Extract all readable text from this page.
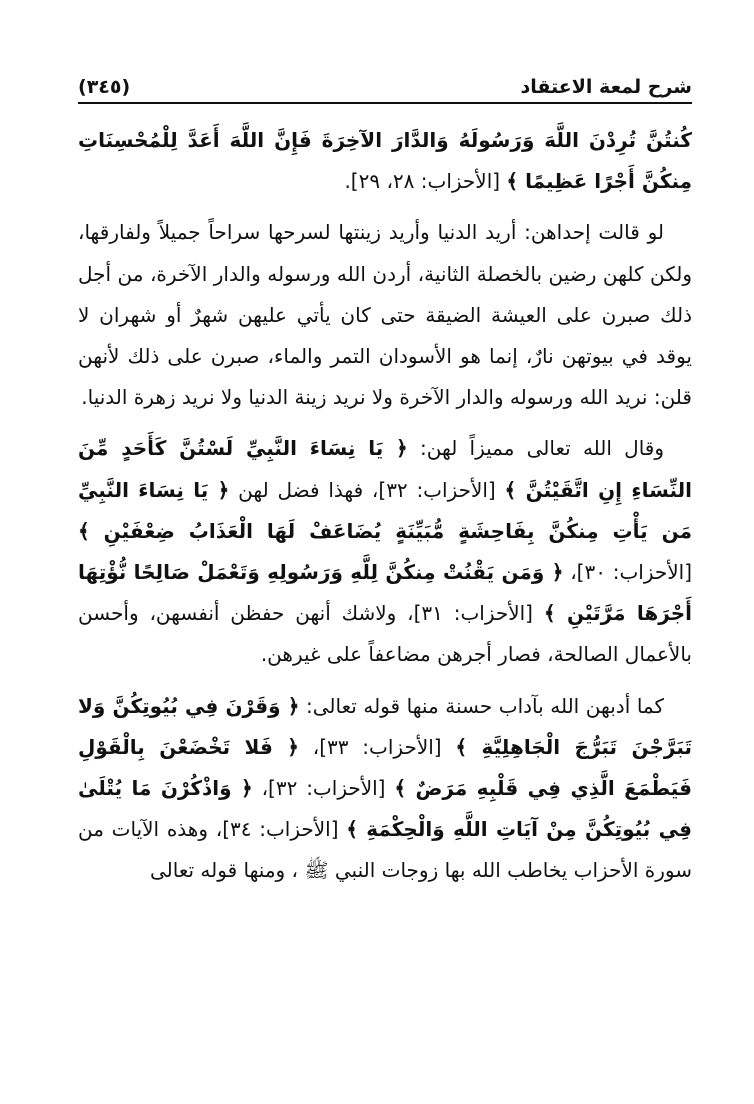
شرح لمعة الاعتقاد
(٣٤٥)

كُنتُنَّ تُرِدْنَ اللَّهَ وَرَسُولَهُ وَالدَّارَ الآخِرَةَ فَإِنَّ اللَّهَ أَعَدَّ لِلْمُحْسِنَاتِ مِنكُنَّ أَجْرًا عَظِيمًا ﴾ [الأحزاب: ٢٨، ٢٩].

لو قالت إحداهن: أريد الدنيا وأريد زينتها لسرحها سراحاً جميلاً ولفارقها، ولكن كلهن رضين بالخصلة الثانية، أردن الله ورسوله والدار الآخرة، من أجل ذلك صبرن على العيشة الضيقة حتى كان يأتي عليهن شهرٌ أو شهران لا يوقد في بيوتهن نارٌ، إنما هو الأسودان التمر والماء، صبرن على ذلك لأنهن قلن: نريد الله ورسوله والدار الآخرة ولا نريد زينة الدنيا ولا نريد زهرة الدنيا.

وقال الله تعالى مميزاً لهن: ﴿ يَا نِسَاءَ النَّبِيِّ لَسْتُنَّ كَأَحَدٍ مِّنَ النِّسَاءِ إِنِ اتَّقَيْتُنَّ ﴾ [الأحزاب: ٣٢]، فهذا فضل لهن ﴿ يَا نِسَاءَ النَّبِيِّ مَن يَأْتِ مِنكُنَّ بِفَاحِشَةٍ مُّبَيِّنَةٍ يُضَاعَفْ لَهَا الْعَذَابُ ضِعْفَيْنِ ﴾ [الأحزاب: ٣٠]، ﴿ وَمَن يَقْنُتْ مِنكُنَّ لِلَّهِ وَرَسُولِهِ وَتَعْمَلْ صَالِحًا نُّؤْتِهَا أَجْرَهَا مَرَّتَيْنِ ﴾ [الأحزاب: ٣١]، ولاشك أنهن حفظن أنفسهن، وأحسن بالأعمال الصالحة، فصار أجرهن مضاعفاً على غيرهن.

كما أدبهن الله بآداب حسنة منها قوله تعالى: ﴿ وَقَرْنَ فِي بُيُوتِكُنَّ وَلا تَبَرَّجْنَ تَبَرُّجَ الْجَاهِلِيَّةِ ﴾ [الأحزاب: ٣٣]، ﴿ فَلا تَخْضَعْنَ بِالْقَوْلِ فَيَطْمَعَ الَّذِي فِي قَلْبِهِ مَرَضٌ ﴾ [الأحزاب: ٣٢]، ﴿ وَاذْكُرْنَ مَا يُتْلَىٰ فِي بُيُوتِكُنَّ مِنْ آيَاتِ اللَّهِ وَالْحِكْمَةِ ﴾ [الأحزاب: ٣٤]، وهذه الآيات من سورة الأحزاب يخاطب الله بها زوجات النبي ﷺ ، ومنها قوله تعالى
